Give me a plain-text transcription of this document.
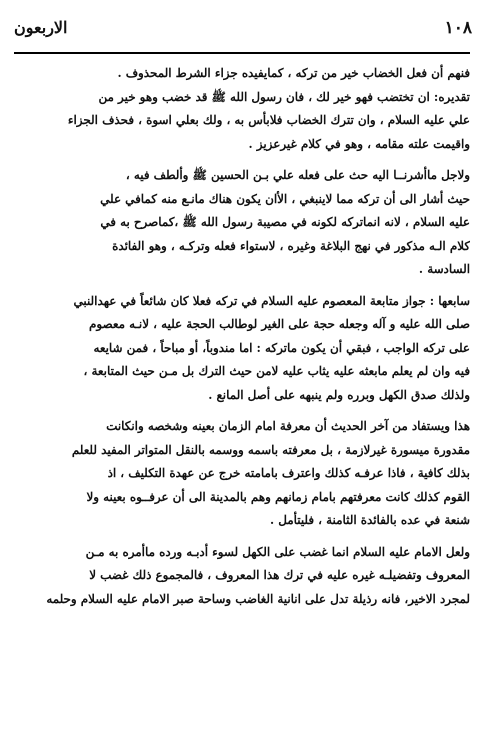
الاربعون	١٠٨

فنهم أن فعل الخضاب خير من تركه ، كمايفيده جزاء الشرط المحذوف .
تقديره: ان تختضب فهو خير لك ، فان رسول الله ﷺ قد خضب وهو خير من
علي عليه السلام ، وان تترك الخضاب فلابأس به ، ولك بعلي اسوة ، فحذف الجزاء
واقيمت علته مقامه ، وهو في كلام غيرعزيز .

ولاجل ماأشرنــا اليه حث على فعله علي بـن الحسين ﷺ وألطف فيه ،
حيث أشار الى أن تركه مما لاينبغي ، الأان يكون هناك مانـع منه كمافي علي
عليه السلام ، لانه انماتركه لكونه في مصيبة رسول الله ﷺ ،كماصرح به في
كلام الـه مذكور في نهج البلاغة وغيره ، لاستواء فعله وتركـه ، وهو الفائدة
السادسة .

سابعها : جواز متابعة المعصوم عليه السلام في تركه فعلا كان شائعاً في عهدالنبي
صلى الله عليه و آله وجعله حجة على الغير لوطالب الحجة عليه ، لانـه معصوم
على تركه الواجب ، فبقي أن يكون ماتركه : اما مندوباً، أو مباحاً ، فمن شايعه
فيه وان لم يعلم مابعثه عليه يثاب عليه لامن حيث الترك بل مـن حيث المتابعة ،
ولذلك صدق الكهل وبرره ولم ينبهه على أصل المانع .

هذا ويستفاد من آخر الحديث أن معرفة امام الزمان بعينه وشخصه وانكانت
مقدورة ميسورة غيرلازمة ، بل معرفته باسمه ووسمه بالنقل المتواتر المفيد للعلم
بذلك كافية ، فاذا عرفـه كذلك واعترف بامامته خرج عن عهدة التكليف ، اذ
القوم كذلك كانت معرفتهم بامام زمانهم وهم بالمدينة الى أن عرفــوه بعينه ولا
شنعة في عده بالفائدة الثامنة ، فليتأمل .

ولعل الامام عليه السلام انما غضب على الكهل لسوء أدبـه ورده ماأمره به مـن
المعروف وتفضيلـه غيره عليه في ترك هذا المعروف ، فالمجموع ذلك غضب لا
لمجرد الاخير، فانه رذيلة تدل على انانية الغاضب وساحة صبر الامام عليه السلام وحلمه
